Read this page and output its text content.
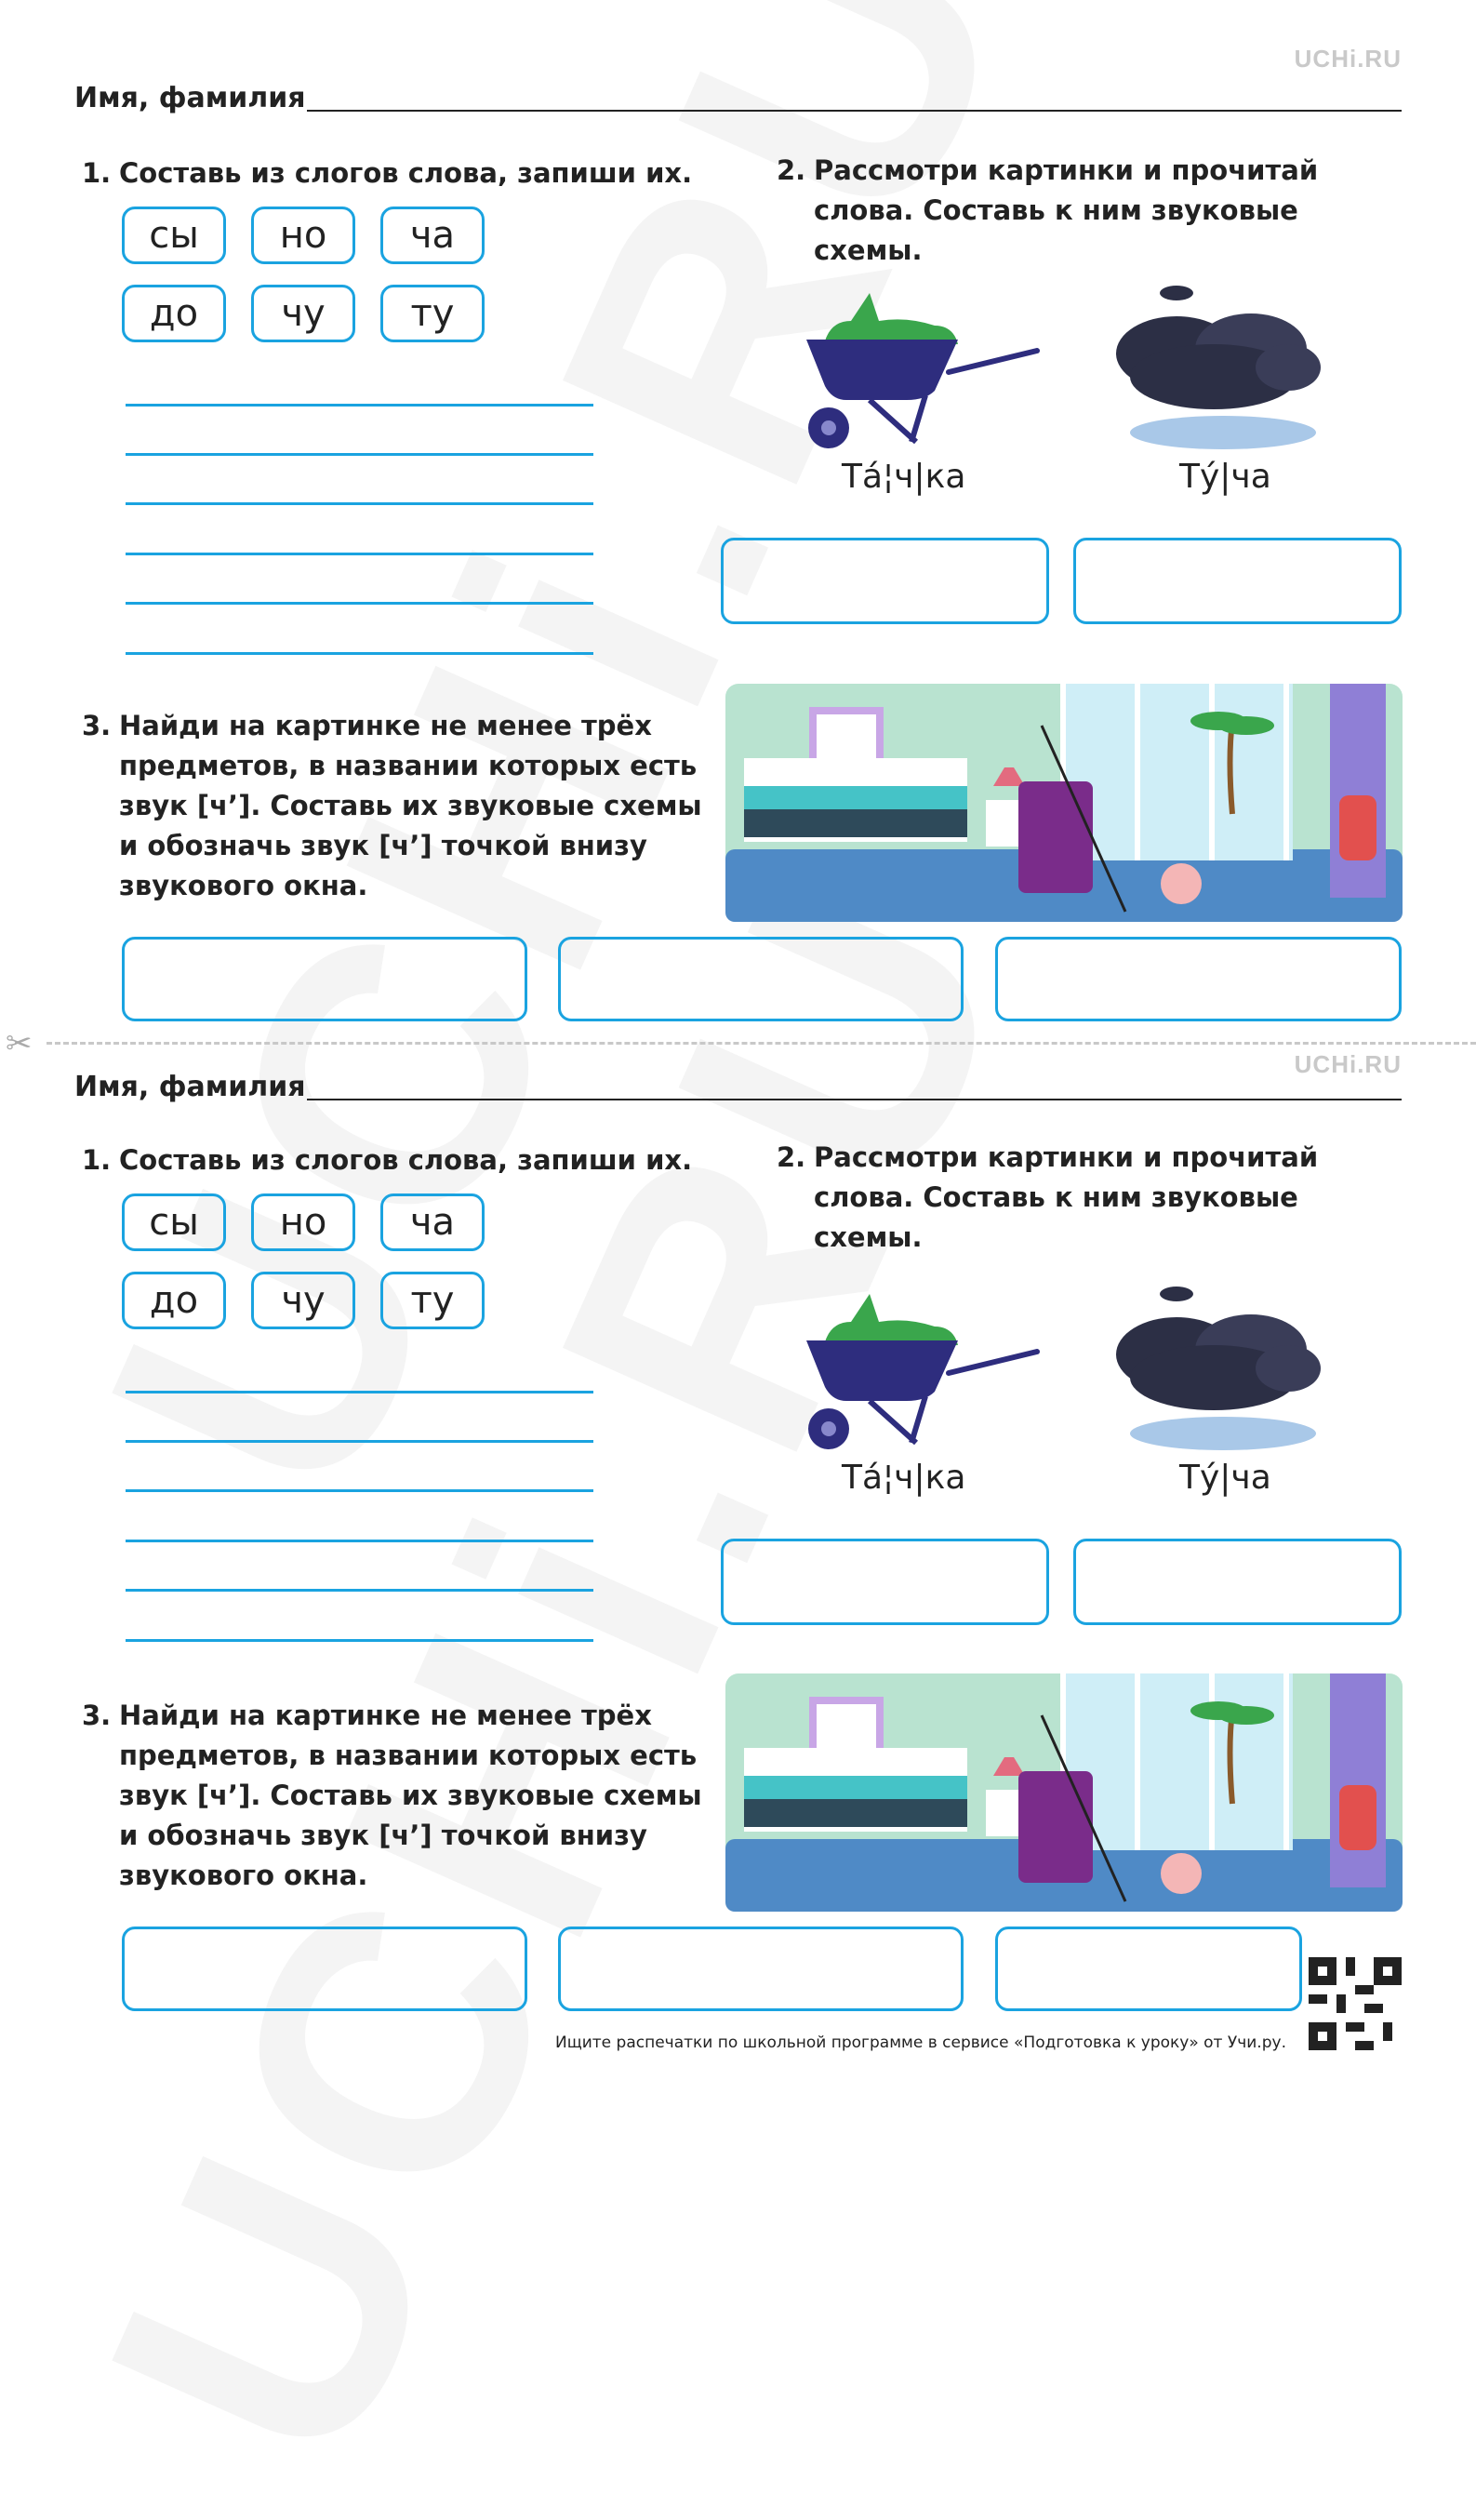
UCHi.RU
Имя, фамилия
1. Составь из слогов слова, запиши их.
сы	но	ча
до	чу	ту
2. Рассмотри картинки и прочитай
слова. Составь к ним звуковые
схемы.
Та́¦ч|ка	Ту́|ча
3. Найди на картинке не менее трёх
предметов, в названии которых есть
звук [ч’]. Составь их звуковые схемы
и обозначь звук [ч’] точкой внизу
звукового окна.
✂
UCHi.RU
Имя, фамилия
1. Составь из слогов слова, запиши их.
сы	но	ча
до	чу	ту
2. Рассмотри картинки и прочитай
слова. Составь к ним звуковые
схемы.
Та́¦ч|ка	Ту́|ча
3. Найди на картинке не менее трёх
предметов, в названии которых есть
звук [ч’]. Составь их звуковые схемы
и обозначь звук [ч’] точкой внизу
звукового окна.
Ищите распечатки по школьной программе в сервисе «Подготовка к уроку» от Учи.ру.
